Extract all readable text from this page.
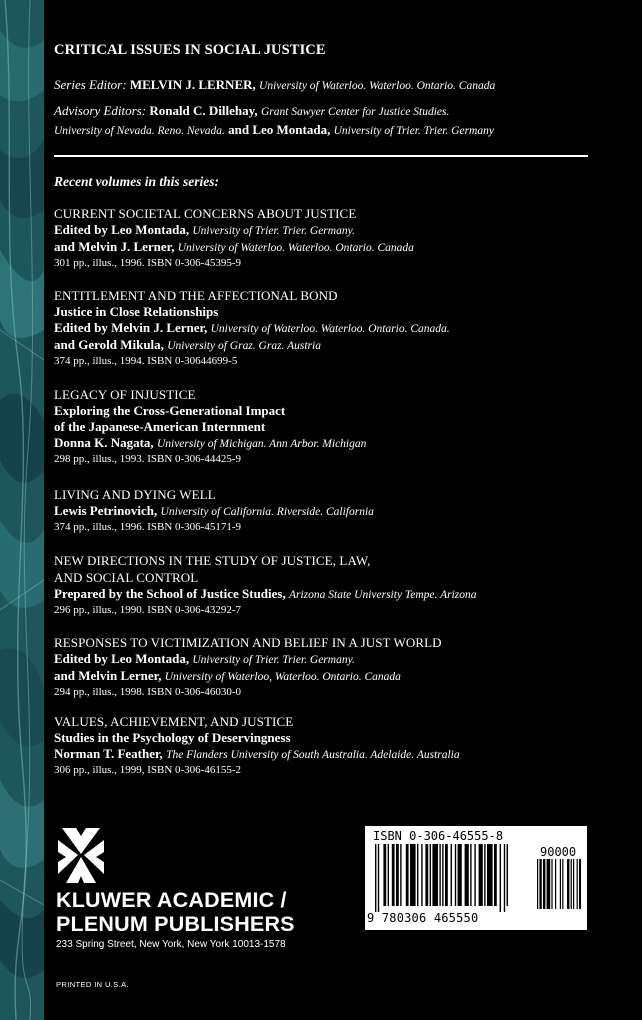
CRITICAL ISSUES IN SOCIAL JUSTICE
Series Editor: MELVIN J. LERNER, University of Waterloo. Waterloo. Ontario. Canada
Advisory Editors: Ronald C. Dillehay, Grant Sawyer Center for Justice Studies.
University of Nevada. Reno. Nevada. and Leo Montada, University of Trier. Trier. Germany
Recent volumes in this series:
CURRENT SOCIETAL CONCERNS ABOUT JUSTICE
Edited by Leo Montada, University of Trier. Trier. Germany.
and Melvin J. Lerner, University of Waterloo. Waterloo. Ontario. Canada
301 pp., illus., 1996. ISBN 0-306-45395-9
ENTITLEMENT AND THE AFFECTIONAL BOND
Justice in Close Relationships
Edited by Melvin J. Lerner, University of Waterloo. Waterloo. Ontario. Canada.
and Gerold Mikula, University of Graz. Graz. Austria
374 pp., illus., 1994. ISBN 0-30644699-5
LEGACY OF INJUSTICE
Exploring the Cross-Generational Impact
of the Japanese-American Internment
Donna K. Nagata, University of Michigan. Ann Arbor. Michigan
298 pp., illus., 1993. ISBN 0-306-44425-9
LIVING AND DYING WELL
Lewis Petrinovich, University of California. Riverside. California
374 pp., illus., 1996. ISBN 0-306-45171-9
NEW DIRECTIONS IN THE STUDY OF JUSTICE, LAW,
AND SOCIAL CONTROL
Prepared by the School of Justice Studies, Arizona State University Tempe. Arizona
296 pp., illus., 1990. ISBN 0-306-43292-7
RESPONSES TO VICTIMIZATION AND BELIEF IN A JUST WORLD
Edited by Leo Montada, University of Trier. Trier. Germany.
and Melvin Lerner, University of Waterloo, Waterloo. Ontario. Canada
294 pp., illus., 1998. ISBN 0-306-46030-0
VALUES, ACHIEVEMENT, AND JUSTICE
Studies in the Psychology of Deservingness
Norman T. Feather, The Flanders University of South Australia. Adelaide. Australia
306 pp., illus., 1999, ISBN 0-306-46155-2
KLUWER ACADEMIC /
PLENUM PUBLISHERS
233 Spring Street, New York, New York 10013-1578
PRINTED IN U.S.A.
ISBN 0-306-46555-8
90000
9 780306 465550
